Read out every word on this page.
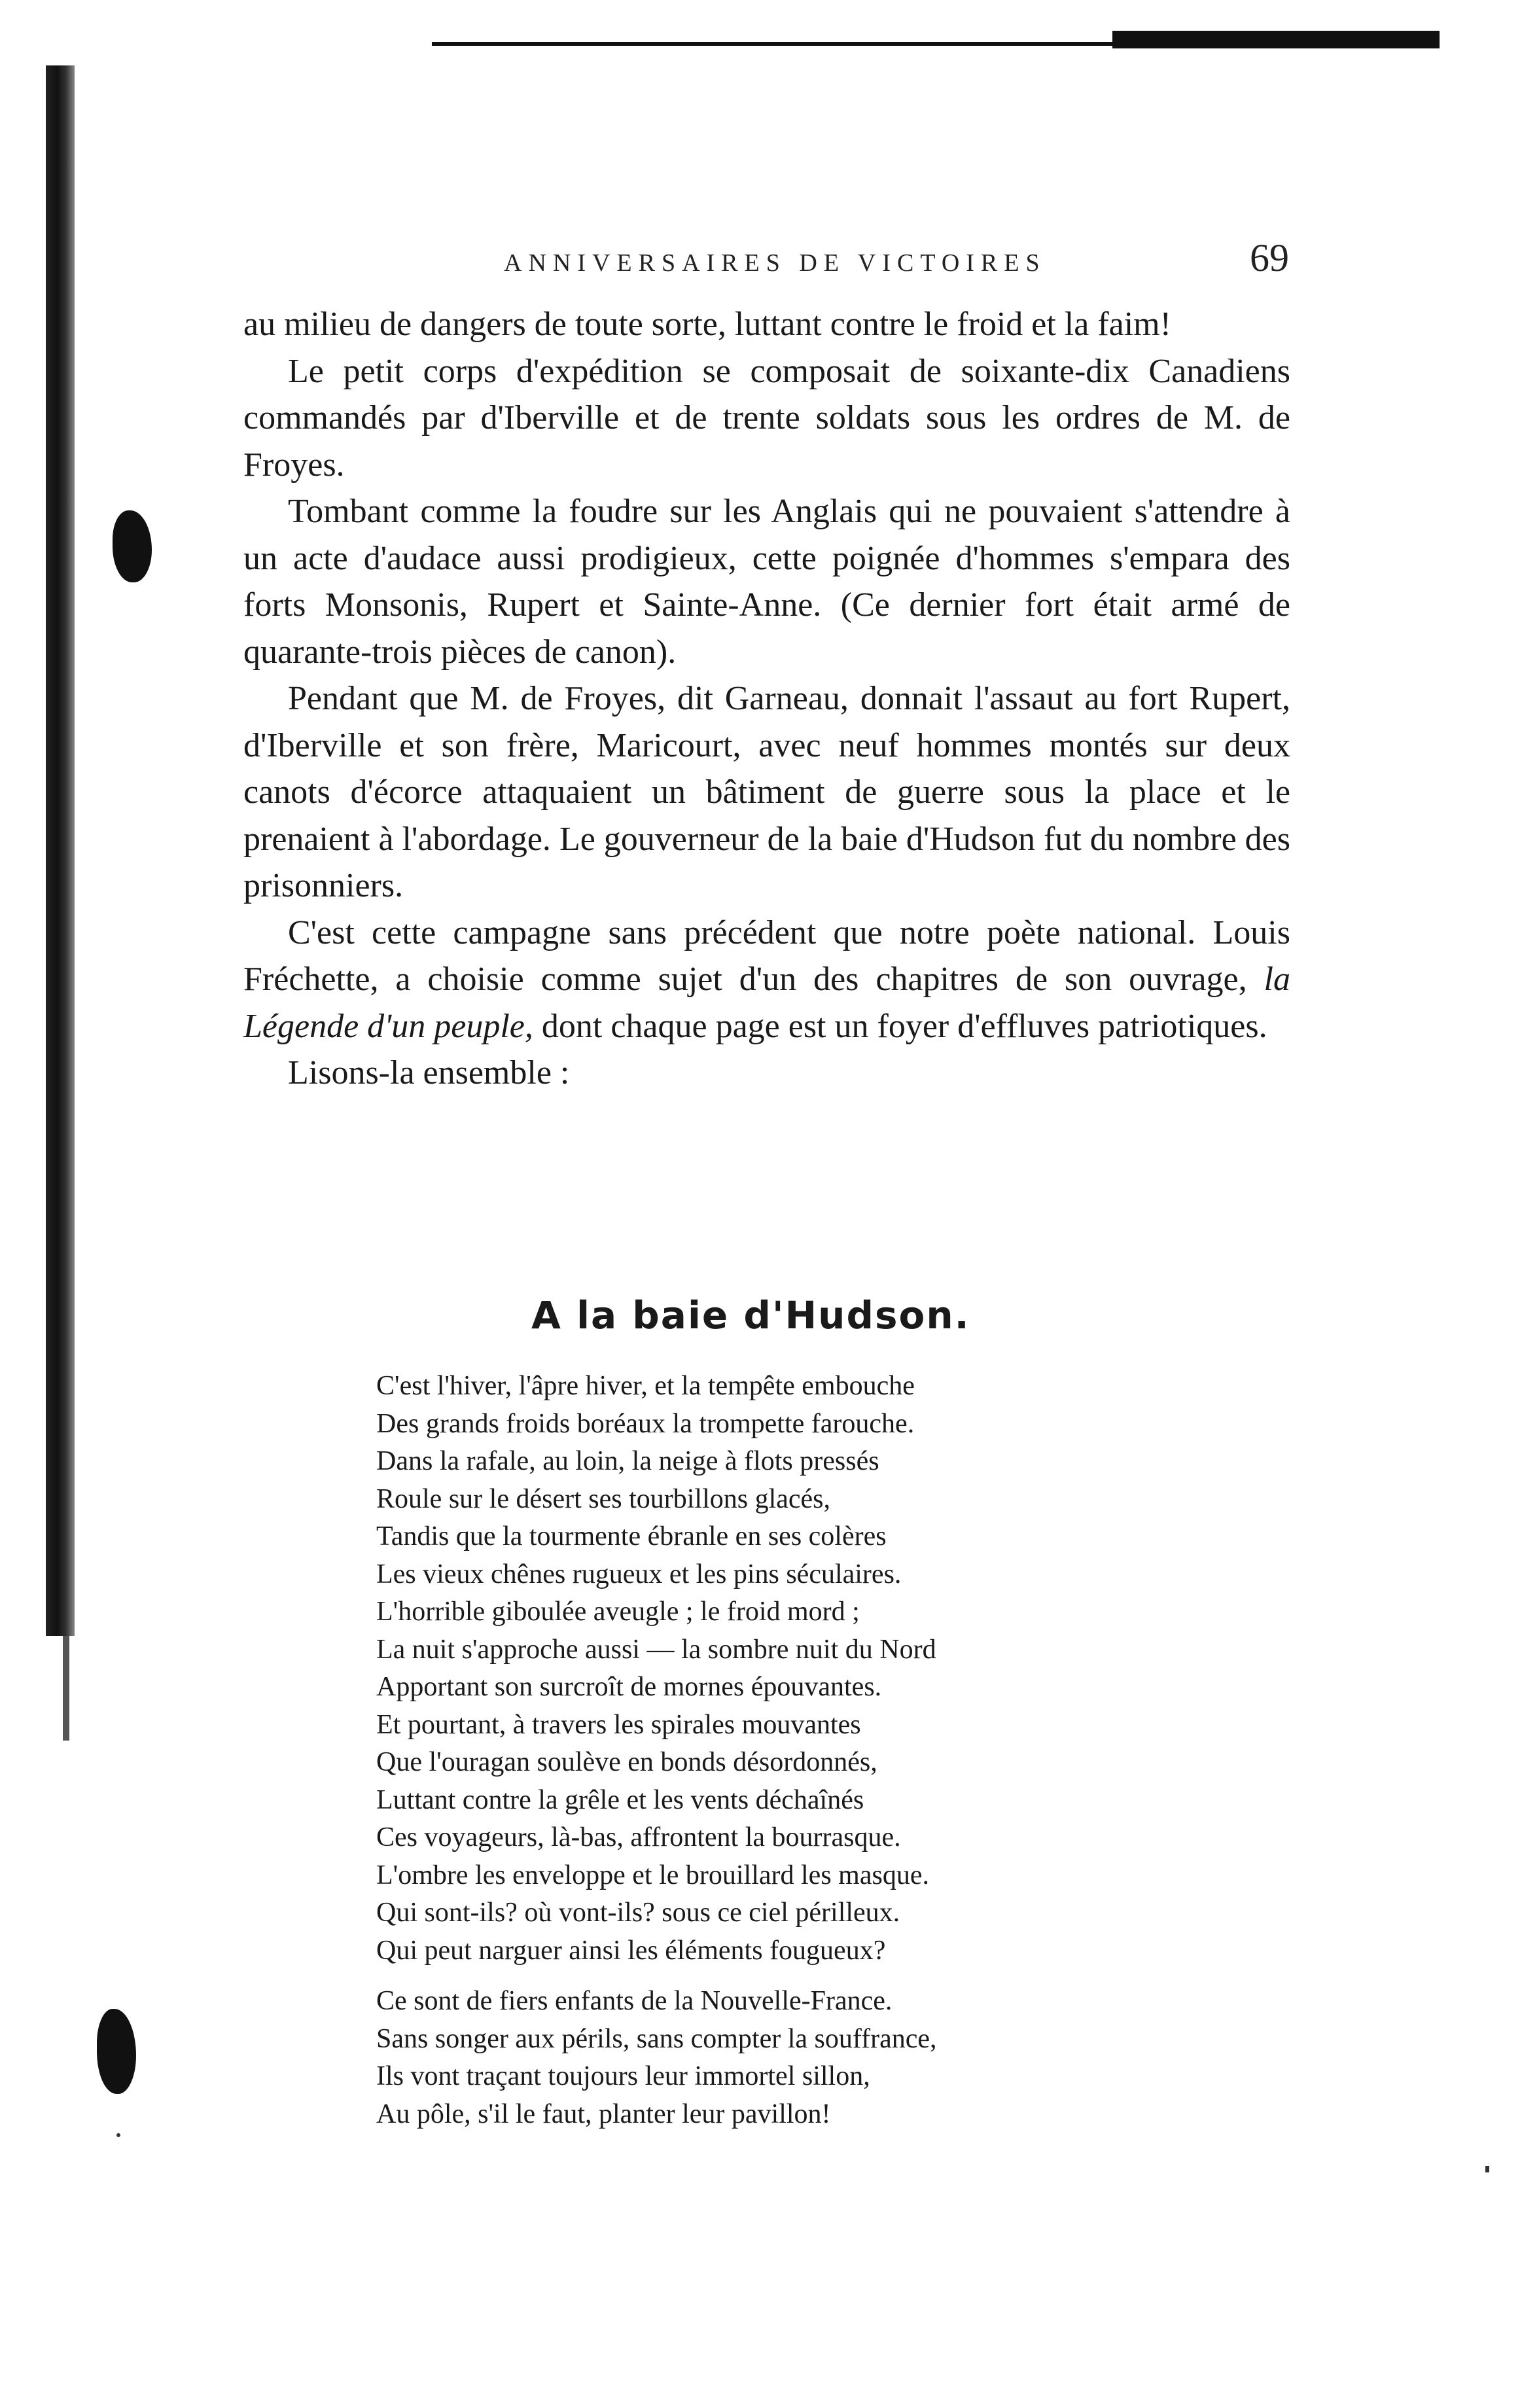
ANNIVERSAIRES DE VICTOIRES	69

au milieu de dangers de toute sorte, luttant contre le froid et la faim!

Le petit corps d'expédition se composait de soixante-dix Canadiens commandés par d'Iberville et de trente soldats sous les ordres de M. de Froyes.

Tombant comme la foudre sur les Anglais qui ne pouvaient s'attendre à un acte d'audace aussi prodigieux, cette poignée d'hommes s'empara des forts Monsonis, Rupert et Sainte-Anne. (Ce dernier fort était armé de quarante-trois pièces de canon).

Pendant que M. de Froyes, dit Garneau, donnait l'assaut au fort Rupert, d'Iberville et son frère, Maricourt, avec neuf hommes montés sur deux canots d'écorce attaquaient un bâtiment de guerre sous la place et le prenaient à l'abordage. Le gouverneur de la baie d'Hudson fut du nombre des prisonniers.

C'est cette campagne sans précédent que notre poète national. Louis Fréchette, a choisie comme sujet d'un des chapitres de son ouvrage, la Légende d'un peuple, dont chaque page est un foyer d'effluves patriotiques.

Lisons-la ensemble :

A la baie d'Hudson.
C'est l'hiver, l'âpre hiver, et la tempête embouche
Des grands froids boréaux la trompette farouche.
Dans la rafale, au loin, la neige à flots pressés
Roule sur le désert ses tourbillons glacés,
Tandis que la tourmente ébranle en ses colères
Les vieux chênes rugueux et les pins séculaires.
L'horrible giboulée aveugle ; le froid mord ;
La nuit s'approche aussi — la sombre nuit du Nord
Apportant son surcroît de mornes épouvantes.
Et pourtant, à travers les spirales mouvantes
Que l'ouragan soulève en bonds désordonnés,
Luttant contre la grêle et les vents déchaînés
Ces voyageurs, là-bas, affrontent la bourrasque.
L'ombre les enveloppe et le brouillard les masque.
Qui sont-ils? où vont-ils? sous ce ciel périlleux.
Qui peut narguer ainsi les éléments fougueux?
Ce sont de fiers enfants de la Nouvelle-France.
Sans songer aux périls, sans compter la souffrance,
Ils vont traçant toujours leur immortel sillon,
Au pôle, s'il le faut, planter leur pavillon!
